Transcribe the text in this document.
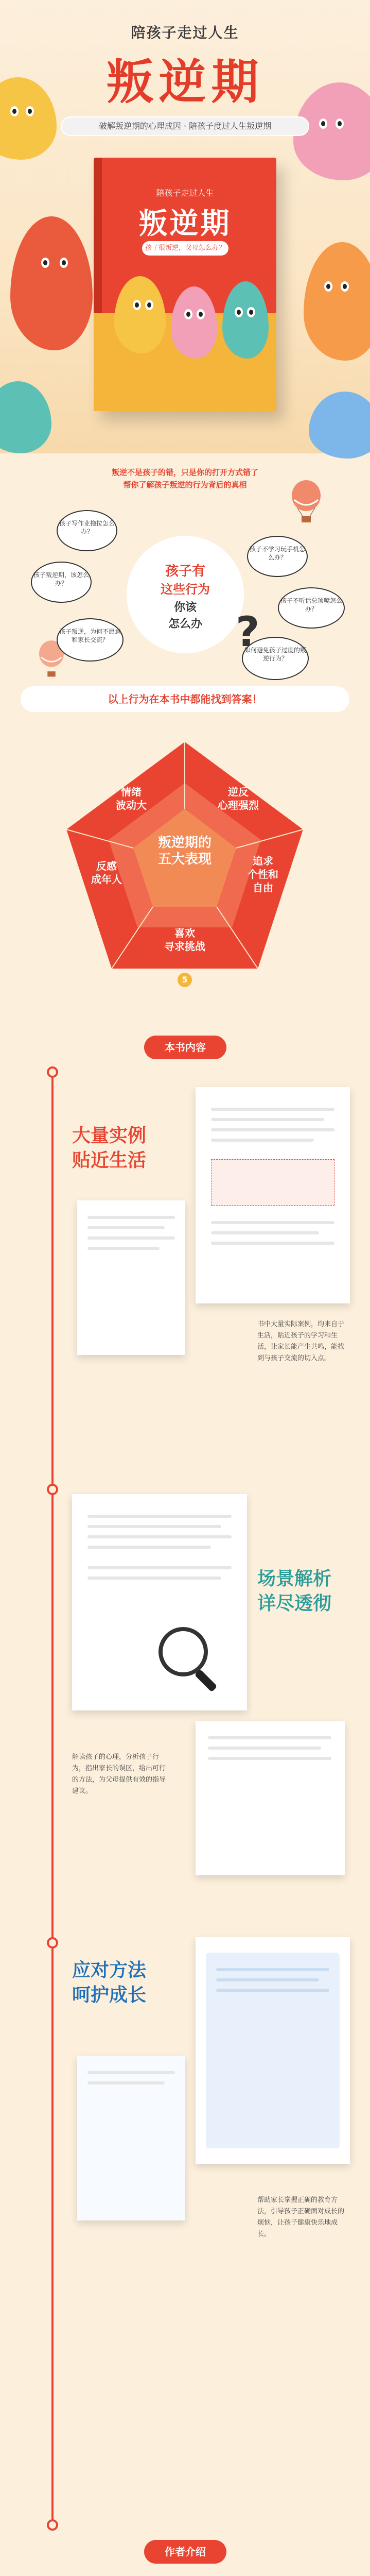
陪孩子走过人生
叛逆期
破解叛逆期的心理成因 · 陪孩子度过人生叛逆期
陪孩子走过人生
叛逆期
孩子很叛逆，父母怎么办？
叛逆不是孩子的错，只是你的打开方式错了
帮你了解孩子叛逆的行为背后的真相
孩子写作业拖拉怎么办？
孩子不学习玩手机怎么办？
孩子叛逆期，该怎么办？
孩子不听话总顶嘴怎么办？
孩子叛逆，为何不愿意和家长交流？
如何避免孩子过度的叛逆行为？
孩子有
这些行为
你该
怎么办 ?
以上行为在本书中都能找到答案！
叛逆期的
五大表现
逆反
心理强烈
追求
个性和
自由
喜欢
寻求挑战
反感
成年人
情绪
波动大
5
本书内容
大量实例
贴近生活
书中大量实际案例，均来自于生活，贴近孩子的学习和生活，让家长能产生共鸣，能找到与孩子交流的切入点。
场景解析
详尽透彻
解读孩子的心理，分析孩子行为，指出家长的误区，给出可行的方法，为父母提供有效的指导建议。
应对方法
呵护成长
帮助家长掌握正确的教育方法，引导孩子正确面对成长的烦恼，让孩子健康快乐地成长。
作者介绍
